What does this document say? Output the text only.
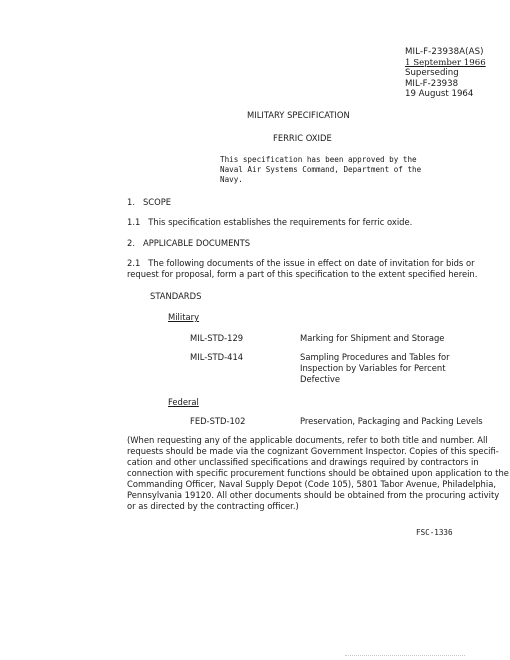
MIL-F-23938A(AS)
1 September 1966
Superseding
MIL-F-23938
19 August 1964
MILITARY SPECIFICATION
FERRIC OXIDE
This specification has been approved by the
Naval Air Systems Command, Department of the
Navy.
1.   SCOPE
1.1   This specification establishes the requirements for ferric oxide.
2.   APPLICABLE DOCUMENTS
2.1   The following documents of the issue in effect on date of invitation for bids or
request for proposal, form a part of this specification to the extent specified herein.
STANDARDS
Military
MIL-STD-129	Marking for Shipment and Storage
MIL-STD-414	Sampling Procedures and Tables for
Inspection by Variables for Percent
Defective
Federal
FED-STD-102	Preservation, Packaging and Packing Levels
(When requesting any of the applicable documents, refer to both title and number. All
requests should be made via the cognizant Government Inspector. Copies of this specifi-
cation and other unclassified specifications and drawings required by contractors in
connection with specific procurement functions should be obtained upon application to the
Commanding Officer, Naval Supply Depot (Code 105), 5801 Tabor Avenue, Philadelphia,
Pennsylvania 19120. All other documents should be obtained from the procuring activity
or as directed by the contracting officer.)
FSC-1336
